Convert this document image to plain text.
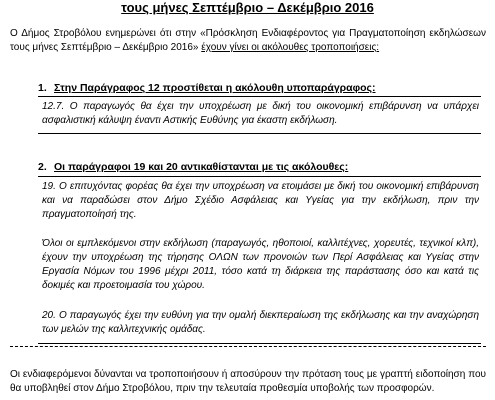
τους μήνες Σεπτέμβριο – Δεκέμβριο 2016
Ο Δήμος Στροβόλου ενημερώνει ότι στην «Πρόσκληση Ενδιαφέροντος για Πραγματοποίηση εκδηλώσεων τους μήνες Σεπτέμβριο – Δεκέμβριο 2016» έχουν γίνει οι ακόλουθες τροποποιήσεις:
1. Στην Παράγραφος 12 προστίθεται η ακόλουθη υποπαράγραφος:
12.7. Ο παραγωγός θα έχει την υποχρέωση με δική του οικονομική επιβάρυνση να υπάρχει ασφαλιστική κάλυψη έναντι Αστικής Ευθύνης για έκαστη εκδήλωση.
2. Οι παράγραφοι 19 και 20 αντικαθίστανται με τις ακόλουθες:
19. Ο επιτυχόντας φορέας θα έχει την υποχρέωση να ετοιμάσει με δική του οικονομική επιβάρυνση και να παραδώσει στον Δήμο Σχέδιο Ασφάλειας και Υγείας για την εκδήλωση, πριν την πραγματοποίησή της.
Όλοι οι εμπλεκόμενοι στην εκδήλωση (παραγωγός, ηθοποιοί, καλλιτέχνες, χορευτές, τεχνικοί κλπ), έχουν την υποχρέωση της τήρησης ΟΛΩΝ των προνοιών των Περί Ασφάλειας και Υγείας στην Εργασία Νόμων του 1996 μέχρι 2011, τόσο κατά τη διάρκεια της παράστασης όσο και κατά τις δοκιμές και προετοιμασία του χώρου.
20. Ο παραγωγός έχει την ευθύνη για την ομαλή διεκπεραίωση της εκδήλωσης και την αναχώρηση των μελών της καλλιτεχνικής ομάδας.
Οι ενδιαφερόμενοι δύνανται να τροποποιήσουν ή αποσύρουν την πρόταση τους με γραπτή ειδοποίηση που θα υποβληθεί στον Δήμο Στροβόλου, πριν την τελευταία προθεσμία υποβολής των προσφορών.
